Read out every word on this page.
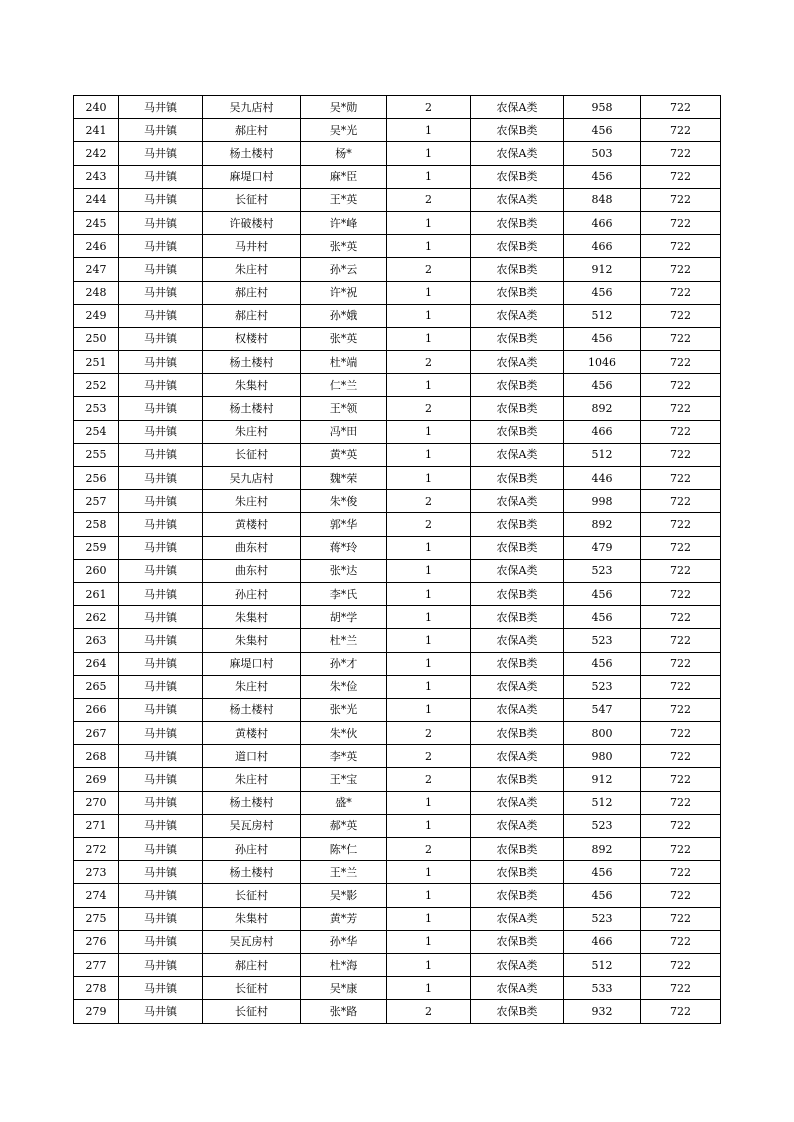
240	马井镇	吴九店村	吴*勋	2	农保A类	958	722
241	马井镇	郝庄村	吴*光	1	农保B类	456	722
242	马井镇	杨土楼村	杨*	1	农保A类	503	722
243	马井镇	麻堤口村	麻*臣	1	农保B类	456	722
244	马井镇	长征村	王*英	2	农保A类	848	722
245	马井镇	许破楼村	许*峰	1	农保B类	466	722
246	马井镇	马井村	张*英	1	农保B类	466	722
247	马井镇	朱庄村	孙*云	2	农保B类	912	722
248	马井镇	郝庄村	许*祝	1	农保B类	456	722
249	马井镇	郝庄村	孙*娥	1	农保A类	512	722
250	马井镇	权楼村	张*英	1	农保B类	456	722
251	马井镇	杨土楼村	杜*端	2	农保A类	1046	722
252	马井镇	朱集村	仁*兰	1	农保B类	456	722
253	马井镇	杨土楼村	王*领	2	农保B类	892	722
254	马井镇	朱庄村	冯*田	1	农保B类	466	722
255	马井镇	长征村	黄*英	1	农保A类	512	722
256	马井镇	吴九店村	魏*荣	1	农保B类	446	722
257	马井镇	朱庄村	朱*俊	2	农保A类	998	722
258	马井镇	黄楼村	郭*华	2	农保B类	892	722
259	马井镇	曲东村	蒋*玲	1	农保B类	479	722
260	马井镇	曲东村	张*达	1	农保A类	523	722
261	马井镇	孙庄村	李*氏	1	农保B类	456	722
262	马井镇	朱集村	胡*学	1	农保B类	456	722
263	马井镇	朱集村	杜*兰	1	农保A类	523	722
264	马井镇	麻堤口村	孙*才	1	农保B类	456	722
265	马井镇	朱庄村	朱*俭	1	农保A类	523	722
266	马井镇	杨土楼村	张*光	1	农保A类	547	722
267	马井镇	黄楼村	朱*伙	2	农保B类	800	722
268	马井镇	道口村	李*英	2	农保A类	980	722
269	马井镇	朱庄村	王*宝	2	农保B类	912	722
270	马井镇	杨土楼村	盛*	1	农保A类	512	722
271	马井镇	吴瓦房村	郝*英	1	农保A类	523	722
272	马井镇	孙庄村	陈*仁	2	农保B类	892	722
273	马井镇	杨土楼村	王*兰	1	农保B类	456	722
274	马井镇	长征村	吴*影	1	农保B类	456	722
275	马井镇	朱集村	黄*芳	1	农保A类	523	722
276	马井镇	吴瓦房村	孙*华	1	农保B类	466	722
277	马井镇	郝庄村	杜*海	1	农保A类	512	722
278	马井镇	长征村	吴*康	1	农保A类	533	722
279	马井镇	长征村	张*路	2	农保B类	932	722
